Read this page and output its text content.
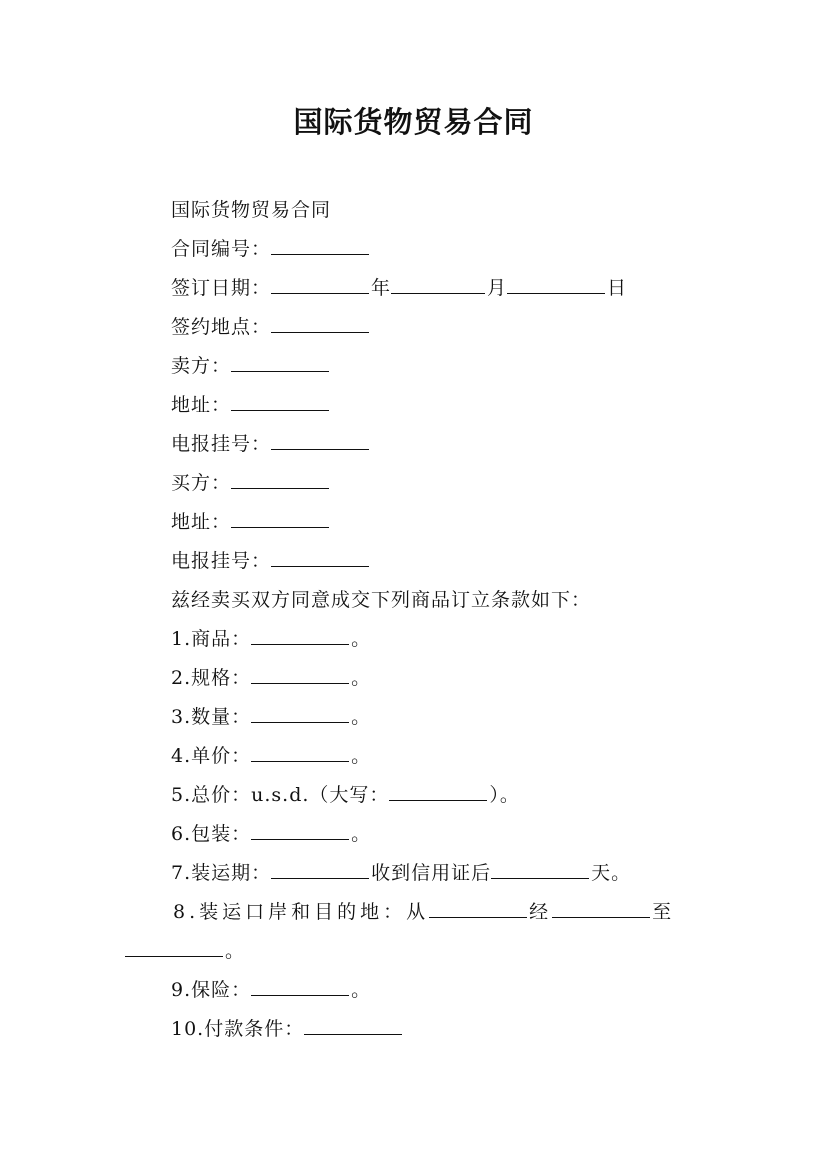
国际货物贸易合同
国际货物贸易合同
合同编号：
签订日期：	年	月	日
签约地点：
卖方：
地址：
电报挂号：
买方：
地址：
电报挂号：
兹经卖买双方同意成交下列商品订立条款如下：
1.商品：	。
2.规格：	。
3.数量：	。
4.单价：	。
5.总价：u.s.d.（大写：	）。
6.包装：	。
7.装运期：	收到信用证后	天。
8.装运口岸和目的地：从	经	至
。
9.保险：	。
10.付款条件：
